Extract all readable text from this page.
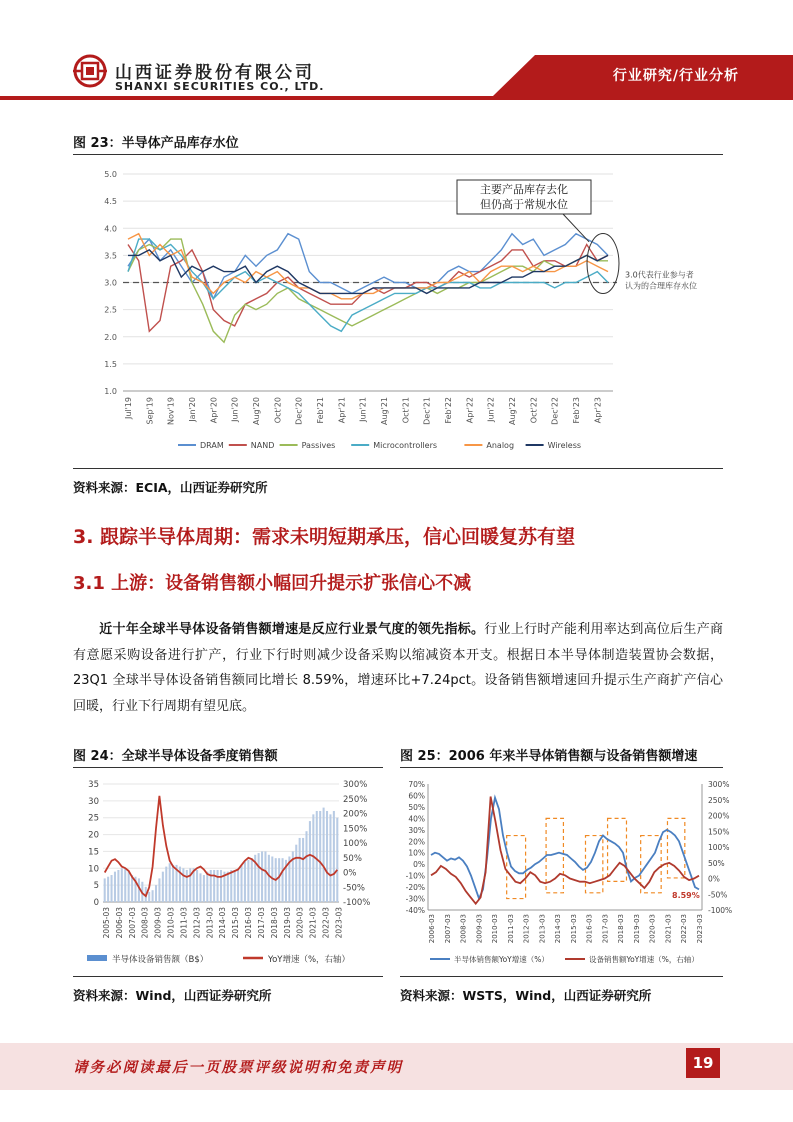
行业研究/行业分析
山西证券股份有限公司
SHANXI SECURITIES CO., LTD.
图 23：半导体产品库存水位
1.0
1.5
2.0
2.5
3.0
3.5
4.0
4.5
5.0
Jul'19 Sep'19 Nov'19 Jan'20 Apr'20 Jun'20 Aug'20 Oct'20 Dec'20 Feb'21 Apr'21 Jun'21 Aug'21 Oct'21 Dec'21 Feb'22 Apr'22 Jun'22 Aug'22 Oct'22 Dec'22 Feb'23 Apr'23
3.0代表行业参与者
认为的合理库存水位
主要产品库存去化
但仍高于常规水位
DRAM	NAND	Passives	Microcontrollers	Analog	Wireless
资料来源：ECIA，山西证券研究所
3. 跟踪半导体周期：需求未明短期承压，信心回暖复苏有望
3.1 上游：设备销售额小幅回升提示扩张信心不减
近十年全球半导体设备销售额增速是反应行业景气度的领先指标。行业上行时产能利用率达到高位后生产商有意愿采购设备进行扩产，行业下行时则减少设备采购以缩减资本开支。根据日本半导体制造装置协会数据，23Q1 全球半导体设备销售额同比增长 8.59%，增速环比+7.24pct。设备销售额增速回升提示生产商扩产信心回暖，行业下行周期有望见底。
图 24：全球半导体设备季度销售额	图 25：2006 年来半导体销售额与设备销售额增速
0
5
10
15
20
25
30
35
-100%
-50%
0%
50%
100%
150%
200%
250%
300%
2005-03 2006-03 2007-03 2008-03 2009-03 2010-03 2011-03 2012-03 2013-03 2014-03 2015-03 2016-03 2017-03 2018-03 2019-03 2020-03 2021-03 2022-03 2023-03
半导体设备销售额（B$）	YoY增速（%，右轴）
-40%
-30%
-20%
-10%
0%
10%
20%
30%
40%
50%
60%
70%
-100%
-50%
0%
50%
100%
150%
200%
250%
300%
2006-03 2007-03 2008-03 2009-03 2010-03 2011-03 2012-03 2013-03 2014-03 2015-03 2016-03 2017-03 2018-03 2019-03 2020-03 2021-03 2022-03 2023-03
8.59%
半导体销售额YoY增速（%）	设备销售额YoY增速（%，右轴）
资料来源：Wind，山西证券研究所	资料来源：WSTS，Wind，山西证券研究所
请务必阅读最后一页股票评级说明和免责声明	19
